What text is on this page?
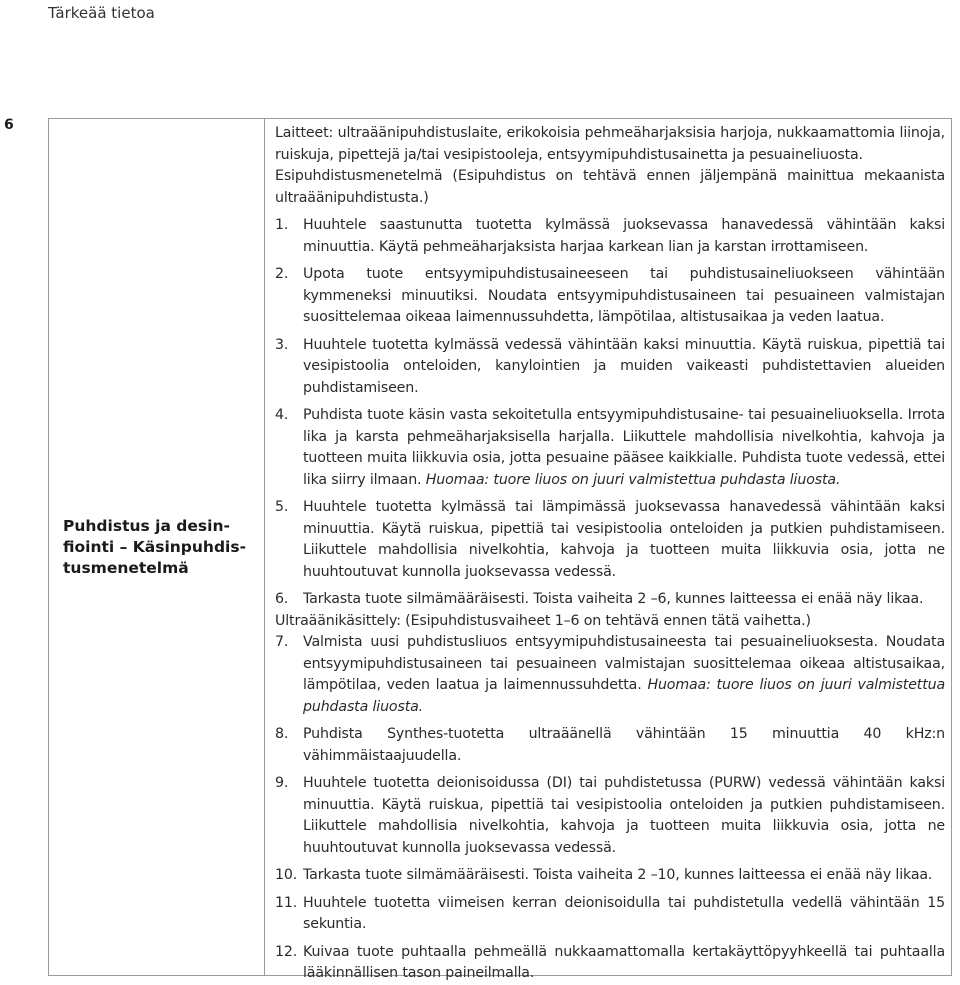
Tärkeää tietoa
6
Puhdistus ja desin-
fiointi – Käsinpuhdis-
tusmenetelmä

Laitteet: ultraäänipuhdistuslaite, erikokoisia pehmeäharjaksisia harjoja, nukkaamattomia liinoja, ruiskuja, pipettejä ja/tai vesipistooleja, entsyymipuhdistusainetta ja pesuaineliuosta.

Esipuhdistusmenetelmä (Esipuhdistus on tehtävä ennen jäljempänä mainittua mekaanista ultraäänipuhdistusta.)

1.	Huuhtele saastunutta tuotetta kylmässä juoksevassa hanavedessä vähintään kaksi minuuttia. Käytä pehmeäharjaksista harjaa karkean lian ja karstan irrottamiseen.
2.	Upota tuote entsyymipuhdistusaineeseen tai puhdistusaineliuokseen vähintään kymmeneksi minuutiksi. Noudata entsyymipuhdistusaineen tai pesuaineen valmistajan suosittelemaa oikeaa laimennussuhdetta, lämpötilaa, altistusaikaa ja veden laatua.
3.	Huuhtele tuotetta kylmässä vedessä vähintään kaksi minuuttia. Käytä ruiskua, pipettiä tai vesipistoolia onteloiden, kanylointien ja muiden vaikeasti puhdistettavien alueiden puhdistamiseen.
4.	Puhdista tuote käsin vasta sekoitetulla entsyymipuhdistusaine- tai pesuaineliuoksella. Irrota lika ja karsta pehmeäharjaksisella harjalla. Liikuttele mahdollisia nivelkohtia, kahvoja ja tuotteen muita liikkuvia osia, jotta pesuaine pääsee kaikkialle. Puhdista tuote vedessä, ettei lika siirry ilmaan. Huomaa: tuore liuos on juuri valmistettua puhdasta liuosta.
5.	Huuhtele tuotetta kylmässä tai lämpimässä juoksevassa hanavedessä vähintään kaksi minuuttia. Käytä ruiskua, pipettiä tai vesipistoolia onteloiden ja putkien puhdistamiseen. Liikuttele mahdollisia nivelkohtia, kahvoja ja tuotteen muita liikkuvia osia, jotta ne huuhtoutuvat kunnolla juoksevassa vedessä.
6.	Tarkasta tuote silmämääräisesti. Toista vaiheita 2 –6, kunnes laitteessa ei enää näy likaa.

Ultraäänikäsittely: (Esipuhdistusvaiheet 1–6 on tehtävä ennen tätä vaihetta.)

7.	Valmista uusi puhdistusliuos entsyymipuhdistusaineesta tai pesuaineliuoksesta. Noudata entsyymipuhdistusaineen tai pesuaineen valmistajan suosittelemaa oikeaa altistusaikaa, lämpötilaa, veden laatua ja laimennussuhdetta. Huomaa: tuore liuos on juuri valmistettua puhdasta liuosta.
8.	Puhdista Synthes-tuotetta ultraäänellä vähintään 15 minuuttia 40 kHz:n vähimmäistaajuudella.
9.	Huuhtele tuotetta deionisoidussa (DI) tai puhdistetussa (PURW) vedessä vähintään kaksi minuuttia. Käytä ruiskua, pipettiä tai vesipistoolia onteloiden ja putkien puhdistamiseen. Liikuttele mahdollisia nivelkohtia, kahvoja ja tuotteen muita liikkuvia osia, jotta ne huuhtoutuvat kunnolla juoksevassa vedessä.
10. Tarkasta tuote silmämääräisesti. Toista vaiheita 2 –10, kunnes laitteessa ei enää näy likaa.
11. Huuhtele tuotetta viimeisen kerran deionisoidulla tai puhdistetulla vedellä vähintään 15 sekuntia.
12. Kuivaa tuote puhtaalla pehmeällä nukkaamattomalla kertakäyttöpyyhkeellä tai puhtaalla lääkinnällisen tason paineilmalla.
